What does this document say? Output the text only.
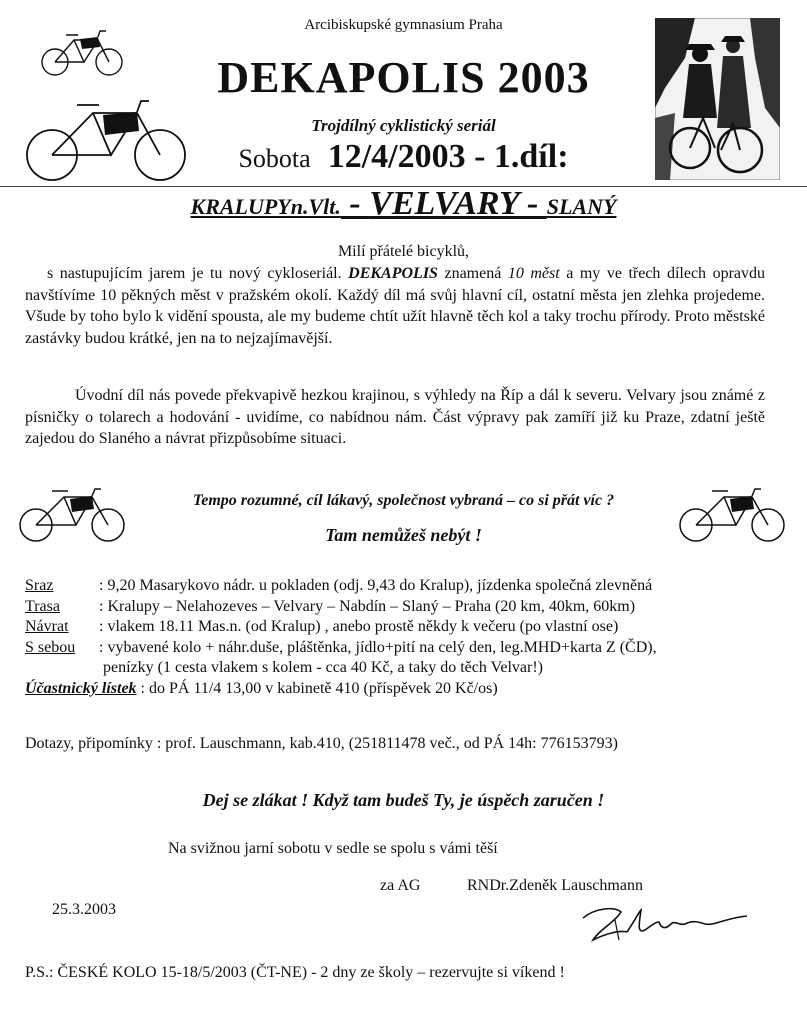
Arcibiskupské gymnasium Praha
DEKAPOLIS 2003
Trojdílný cyklistický seriál
Sobota 12/4/2003 - 1.díl:
KRALUPYn.Vlt. - VELVARY - SLANÝ
Milí přátelé bicyklů,
s nastupujícím jarem je tu nový cykloseriál. DEKAPOLIS znamená 10 měst a my ve třech dílech opravdu navštívíme 10 pěkných měst v pražském okolí. Každý díl má svůj hlavní cíl, ostatní města jen zlehka projedeme. Všude by toho bylo k vidění spousta, ale my budeme chtít užít hlavně těch kol a taky trochu přírody. Proto městské zastávky budou krátké, jen na to nejzajímavější.
Úvodní díl nás povede překvapivě hezkou krajinou, s výhledy na Říp a dál k severu. Velvary jsou známé z písničky o tolarech a hodování - uvidíme, co nabídnou nám. Část výpravy pak zamíří již ku Praze, zdatní ještě zajedou do Slaného a návrat přizpůsobíme situaci.
Tempo rozumné, cíl lákavý, společnost vybraná – co si přát víc ?
Tam nemůžeš nebýt !
Sraz	: 9,20 Masarykovo nádr. u pokladen (odj. 9,43 do Kralup), jízdenka společná zlevněná
Trasa : Kralupy – Nelahozeves – Velvary – Nabdín – Slaný – Praha (20 km, 40km, 60km)
Návrat : vlakem 18.11 Mas.n. (od Kralup) , anebo prostě někdy k večeru (po vlastní ose)
S sebou : vybavené kolo + náhr.duše, pláštěnka, jídlo+pití na celý den, leg.MHD+karta Z (ČD),
penízky (1 cesta vlakem s kolem - cca 40 Kč, a taky do těch Velvar!)
Účastnický lístek : do PÁ 11/4 13,00 v kabinetě 410 (příspěvek 20 Kč/os)
Dotazy, připomínky : prof. Lauschmann, kab.410, (251811478 več., od PÁ 14h: 776153793)
Dej se zlákat ! Když tam budeš Ty, je úspěch zaručen !
Na svižnou jarní sobotu v sedle se spolu s vámi těší
za AG	RNDr.Zdeněk Lauschmann
25.3.2003
P.S.: ČESKÉ KOLO 15-18/5/2003 (ČT-NE) - 2 dny ze školy – rezervujte si víkend !
